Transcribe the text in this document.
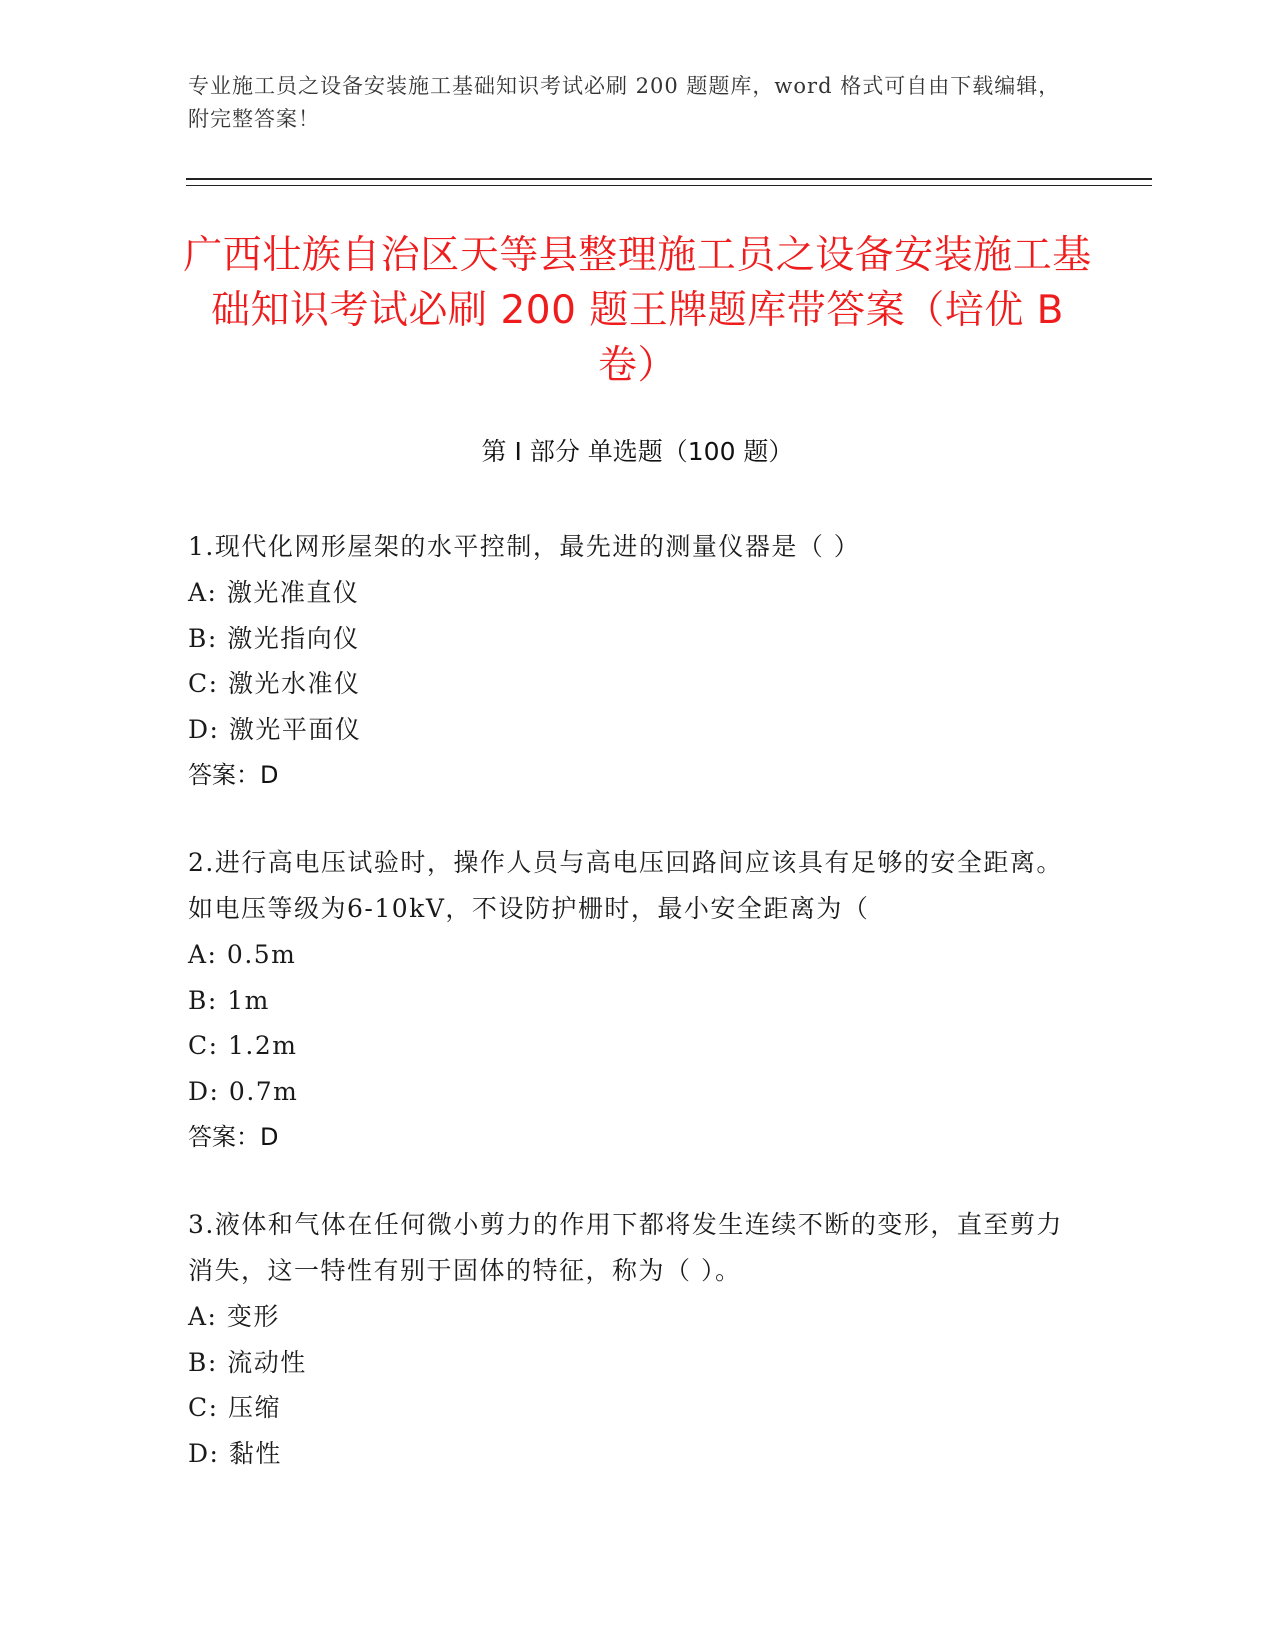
专业施工员之设备安装施工基础知识考试必刷 200 题题库，word 格式可自由下载编辑，附完整答案！
广西壮族自治区天等县整理施工员之设备安装施工基础知识考试必刷 200 题王牌题库带答案（培优 B 卷）
第 I 部分 单选题（100 题）

1.现代化网形屋架的水平控制，最先进的测量仪器是（ ）

A: 激光准直仪

B: 激光指向仪

C: 激光水准仪

D: 激光平面仪

答案：D

2.进行高电压试验时，操作人员与高电压回路间应该具有足够的安全距离。如电压等级为6-10kV，不设防护栅时，最小安全距离为（

A: 0.5m

B: 1m

C: 1.2m

D: 0.7m

答案：D

3.液体和气体在任何微小剪力的作用下都将发生连续不断的变形，直至剪力消失，这一特性有别于固体的特征，称为（ ）。

A: 变形

B: 流动性

C: 压缩

D: 黏性
